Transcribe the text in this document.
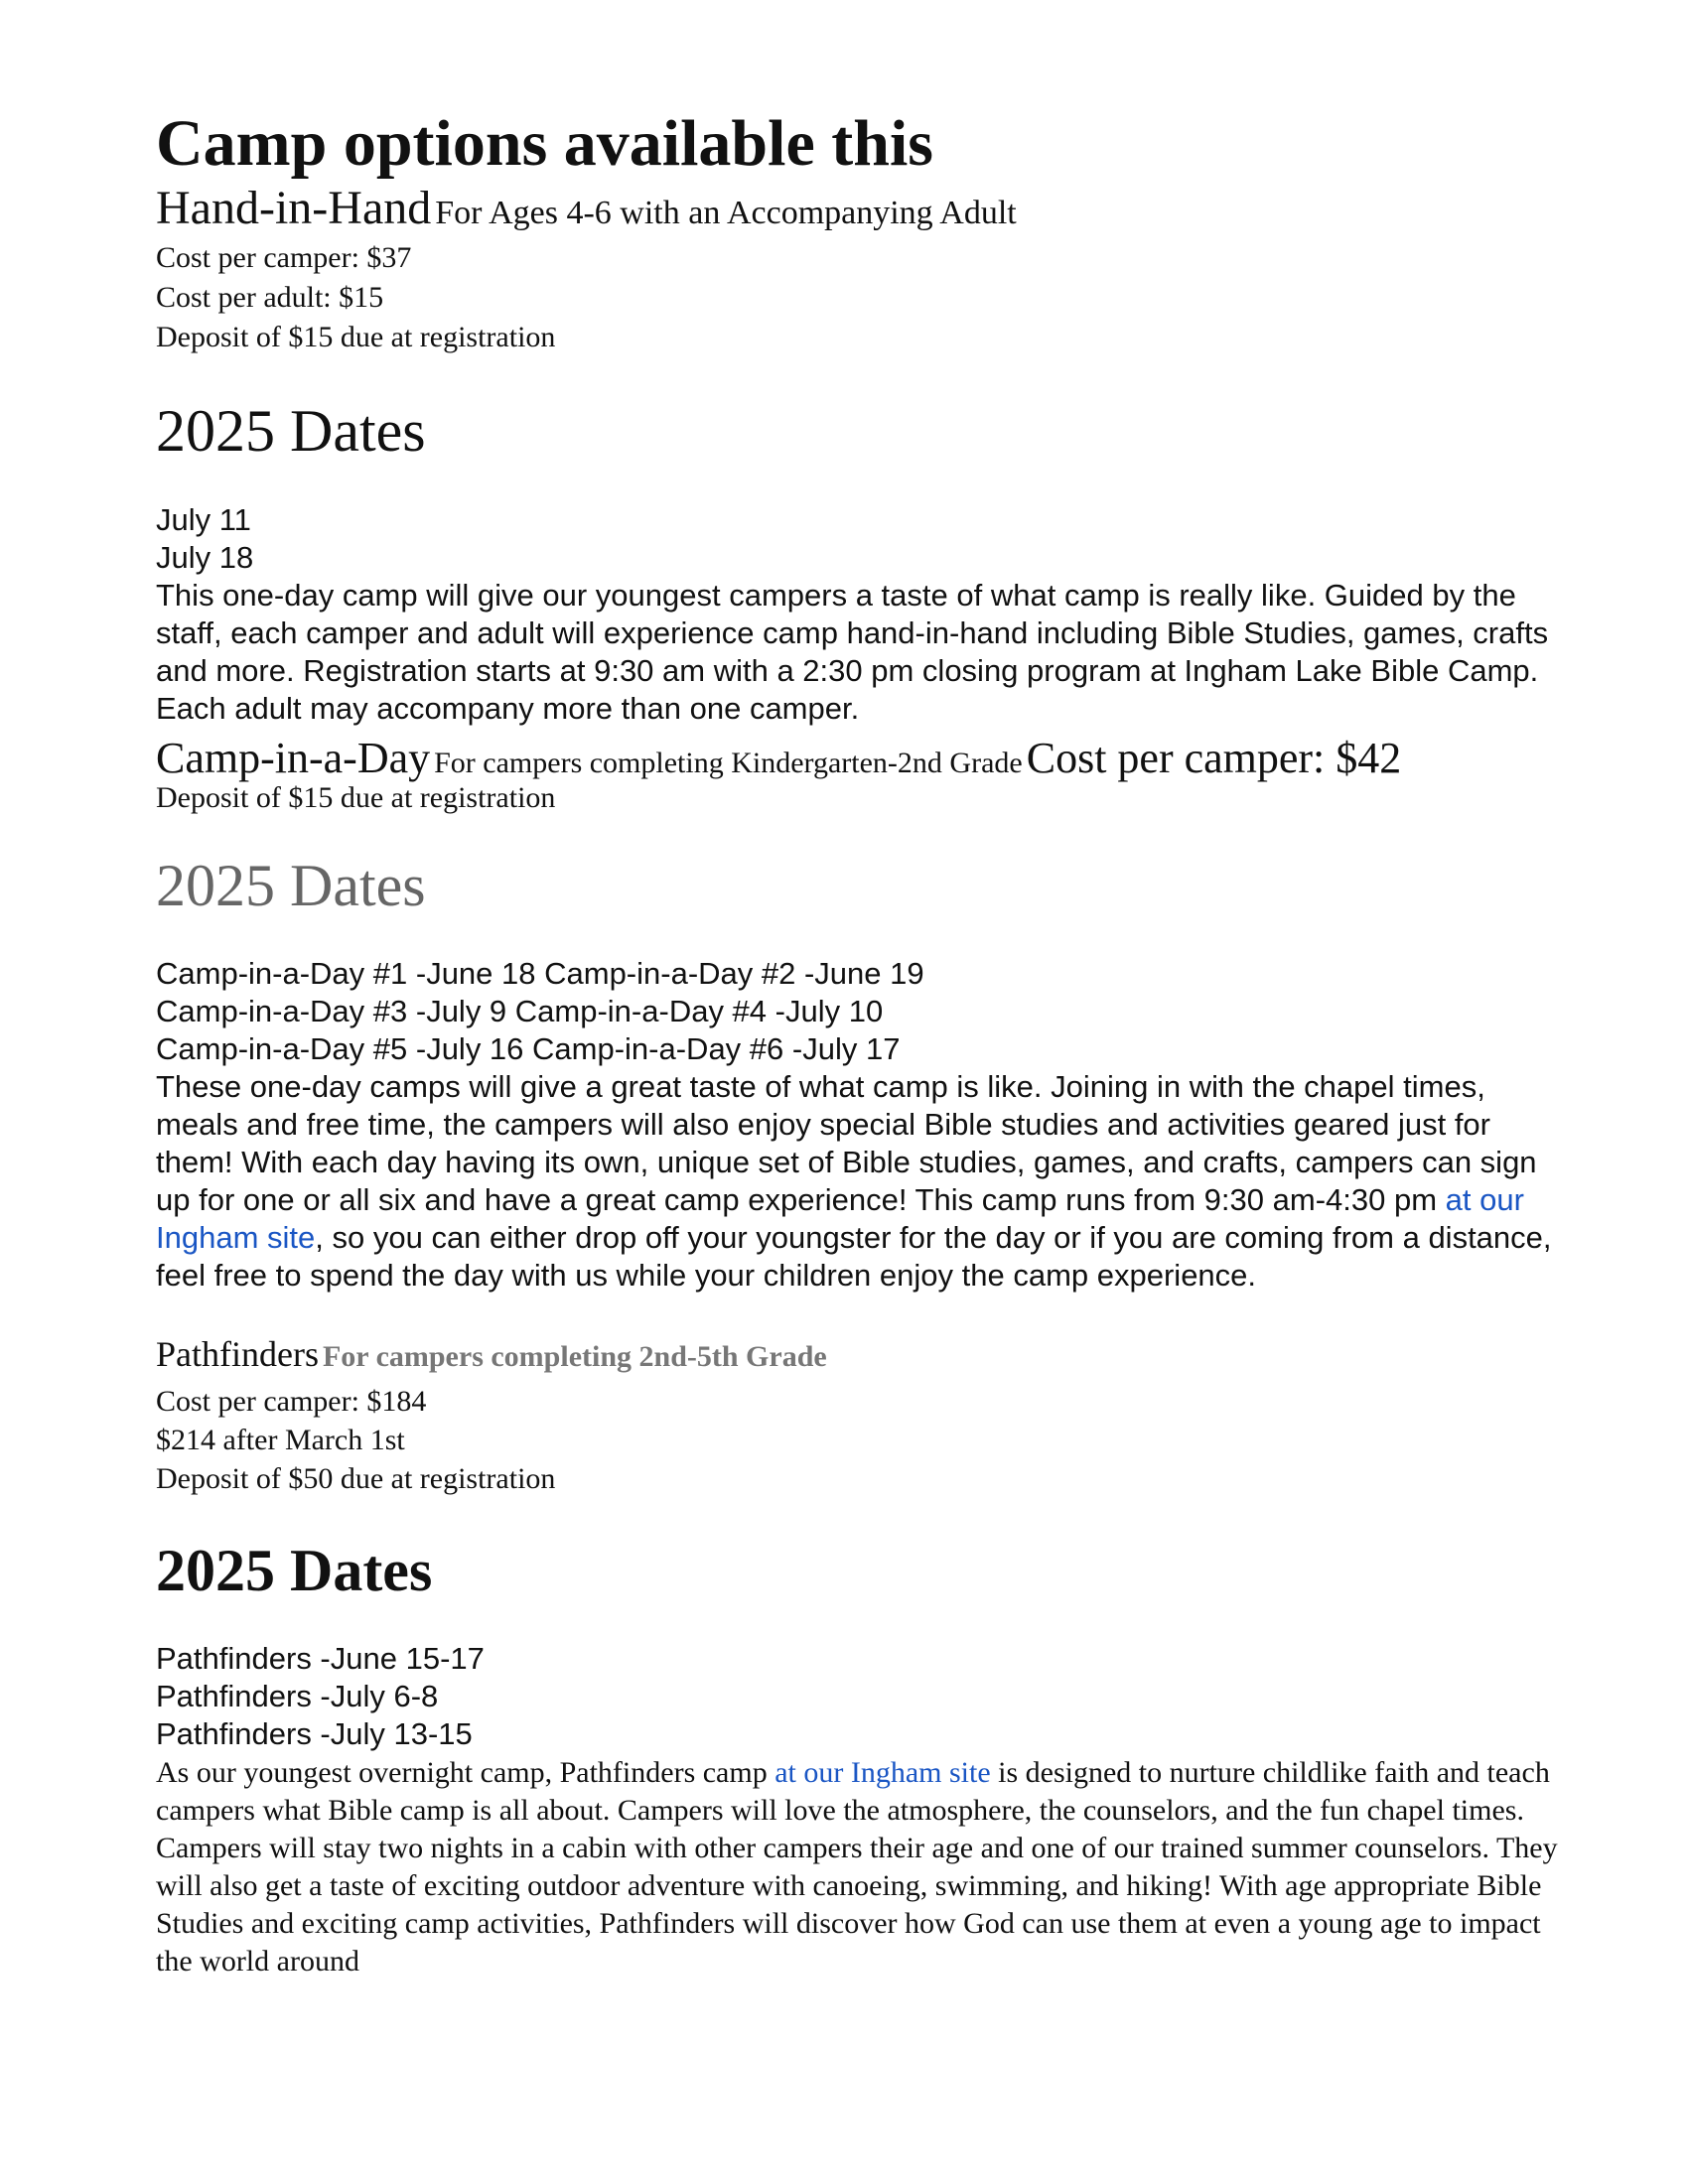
Camp options available this
Hand-in-Hand For Ages 4-6 with an Accompanying Adult
Cost per camper: $37
Cost per adult: $15
Deposit of $15 due at registration
2025 Dates
July 11
July 18

This one-day camp will give our youngest campers a taste of what camp is really like. Guided by the staff, each camper and adult will experience camp hand-in-hand including Bible Studies, games, crafts and more. Registration starts at 9:30 am with a 2:30 pm closing program at Ingham Lake Bible Camp. Each adult may accompany more than one camper.

Camp-in-a-Day For campers completing Kindergarten-2nd Grade Cost per camper: $42
Deposit of $15 due at registration
2025 Dates
Camp-in-a-Day #1 -June 18 Camp-in-a-Day #2 -June 19
Camp-in-a-Day #3 -July 9 Camp-in-a-Day #4 -July 10
Camp-in-a-Day #5 -July 16 Camp-in-a-Day #6 -July 17

These one-day camps will give a great taste of what camp is like. Joining in with the chapel times, meals and free time, the campers will also enjoy special Bible studies and activities geared just for them! With each day having its own, unique set of Bible studies, games, and crafts, campers can sign up for one or all six and have a great camp experience! This camp runs from 9:30 am-4:30 pm at our Ingham site, so you can either drop off your youngster for the day or if you are coming from a distance, feel free to spend the day with us while your children enjoy the camp experience.

Pathfinders For campers completing 2nd-5th Grade
Cost per camper: $184
$214 after March 1st
Deposit of $50 due at registration
2025 Dates
Pathfinders -June 15-17
Pathfinders -July 6-8
Pathfinders -July 13-15

As our youngest overnight camp, Pathfinders camp at our Ingham site is designed to nurture childlike faith and teach campers what Bible camp is all about. Campers will love the atmosphere, the counselors, and the fun chapel times. Campers will stay two nights in a cabin with other campers their age and one of our trained summer counselors. They will also get a taste of exciting outdoor adventure with canoeing, swimming, and hiking! With age appropriate Bible Studies and exciting camp activities, Pathfinders will discover how God can use them at even a young age to impact the world around
